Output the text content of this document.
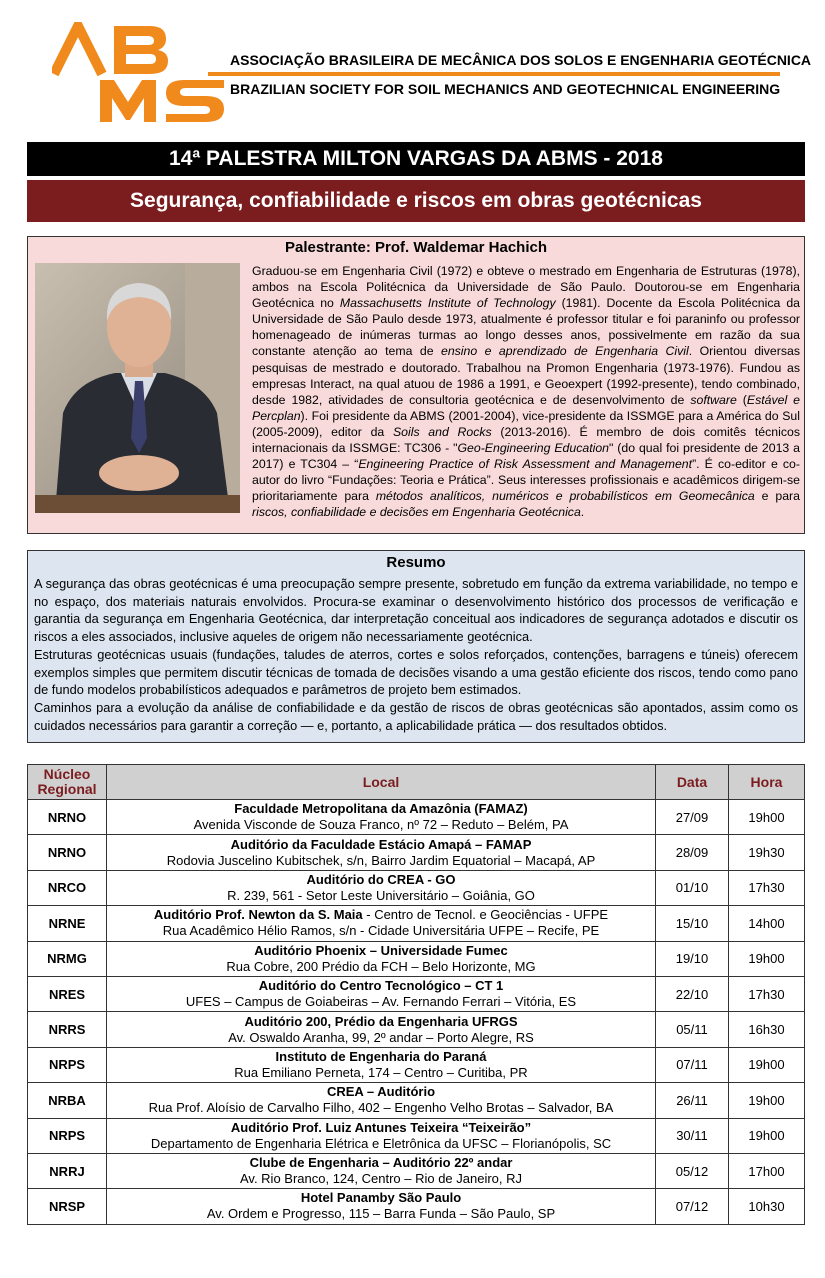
ASSOCIAÇÃO BRASILEIRA DE MECÂNICA DOS SOLOS E ENGENHARIA GEOTÉCNICA
BRAZILIAN SOCIETY FOR SOIL MECHANICS AND GEOTECHNICAL ENGINEERING
14ª PALESTRA MILTON VARGAS DA ABMS - 2018
Segurança, confiabilidade e riscos em obras geotécnicas
Palestrante: Prof. Waldemar Hachich
Graduou-se em Engenharia Civil (1972) e obteve o mestrado em Engenharia de Estruturas (1978), ambos na Escola Politécnica da Universidade de São Paulo. Doutorou-se em Engenharia Geotécnica no Massachusetts Institute of Technology (1981). Docente da Escola Politécnica da Universidade de São Paulo desde 1973, atualmente é professor titular e foi paraninfo ou professor homenageado de inúmeras turmas ao longo desses anos, possivelmente em razão da sua constante atenção ao tema de ensino e aprendizado de Engenharia Civil. Orientou diversas pesquisas de mestrado e doutorado. Trabalhou na Promon Engenharia (1973-1976). Fundou as empresas Interact, na qual atuou de 1986 a 1991, e Geoexpert (1992-presente), tendo combinado, desde 1982, atividades de consultoria geotécnica e de desenvolvimento de software (Estável e Percplan). Foi presidente da ABMS (2001-2004), vice-presidente da ISSMGE para a América do Sul (2005-2009), editor da Soils and Rocks (2013-2016). É membro de dois comitês técnicos internacionais da ISSMGE: TC306 - "Geo-Engineering Education" (do qual foi presidente de 2013 a 2017) e TC304 – “Engineering Practice of Risk Assessment and Management”. É co-editor e co-autor do livro “Fundações: Teoria e Prática”. Seus interesses profissionais e acadêmicos dirigem-se prioritariamente para métodos analíticos, numéricos e probabilísticos em Geomecânica e para riscos, confiabilidade e decisões em Engenharia Geotécnica.
Resumo

A segurança das obras geotécnicas é uma preocupação sempre presente, sobretudo em função da extrema variabilidade, no tempo e no espaço, dos materiais naturais envolvidos. Procura-se examinar o desenvolvimento histórico dos processos de verificação e garantia da segurança em Engenharia Geotécnica, dar interpretação conceitual aos indicadores de segurança adotados e discutir os riscos a eles associados, inclusive aqueles de origem não necessariamente geotécnica.

Estruturas geotécnicas usuais (fundações, taludes de aterros, cortes e solos reforçados, contenções, barragens e túneis) oferecem exemplos simples que permitem discutir técnicas de tomada de decisões visando a uma gestão eficiente dos riscos, tendo como pano de fundo modelos probabilísticos adequados e parâmetros de projeto bem estimados.

Caminhos para a evolução da análise de confiabilidade e da gestão de riscos de obras geotécnicas são apontados, assim como os cuidados necessários para garantir a correção — e, portanto, a aplicabilidade prática — dos resultados obtidos.

Núcleo Regional	Local	Data	Hora
NRNO	Faculdade Metropolitana da Amazônia (FAMAZ)
Avenida Visconde de Souza Franco, nº 72 – Reduto – Belém, PA	27/09	19h00
NRNO	Auditório da Faculdade Estácio Amapá – FAMAP
Rodovia Juscelino Kubitschek, s/n, Bairro Jardim Equatorial – Macapá, AP	28/09	19h30
NRCO	Auditório do CREA - GO
R. 239, 561 - Setor Leste Universitário – Goiânia, GO	01/10	17h30
NRNE	Auditório Prof. Newton da S. Maia - Centro de Tecnol. e Geociências - UFPE
Rua Acadêmico Hélio Ramos, s/n - Cidade Universitária UFPE – Recife, PE	15/10	14h00
NRMG	Auditório Phoenix – Universidade Fumec
Rua Cobre, 200 Prédio da FCH – Belo Horizonte, MG	19/10	19h00
NRES	Auditório do Centro Tecnológico – CT 1
UFES – Campus de Goiabeiras – Av. Fernando Ferrari – Vitória, ES	22/10	17h30
NRRS	Auditório 200, Prédio da Engenharia UFRGS
Av. Oswaldo Aranha, 99, 2º andar – Porto Alegre, RS	05/11	16h30
NRPS	Instituto de Engenharia do Paraná
Rua Emiliano Perneta, 174 – Centro – Curitiba, PR	07/11	19h00
NRBA	CREA – Auditório
Rua Prof. Aloísio de Carvalho Filho, 402 – Engenho Velho Brotas – Salvador, BA	26/11	19h00
NRPS	Auditório Prof. Luiz Antunes Teixeira “Teixeirão”
Departamento de Engenharia Elétrica e Eletrônica da UFSC – Florianópolis, SC	30/11	19h00
NRRJ	Clube de Engenharia – Auditório 22º andar
Av. Rio Branco, 124, Centro – Rio de Janeiro, RJ	05/12	17h00
NRSP	Hotel Panamby São Paulo
Av. Ordem e Progresso, 115 – Barra Funda – São Paulo, SP	07/12	10h30
